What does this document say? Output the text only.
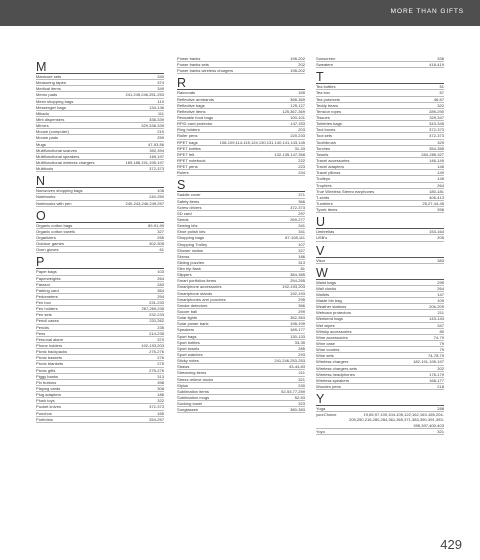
MORE THAN GIFTS
M
Manicure sets	340
Measuring tapes	374
Medical items	349
Memo pads	241,245,246,251-253
Mesh shopping bags	110
Messenger bags	134-136
Mikado	111
Mint dispensers	338-339
Mirrors	329,338-339
Mouse (computer)	219
Mouse pads	259
Mugs	47-53,56
Multifunctional scarves	392,394
Multifunctional speakers	169,197
Multifunctional wireless chargers	169,188,191,195-197
Multitools	372-373
N
Nonwoven shopping bags	106
Notebooks	240-250
Notebooks with pen	240-243,246,249,257
O
Organic cotton bags	89-91,99
Organic cotton towels	327
Organizers	265
Outdoor games	302-305
Oven gloves	61
P
Paper bags	103
Paperweights	264
Parasol	283
Parking card	364
Pedometers	294
Pen box	231-233
Pen holders	267,269,235
Pen sets	232-233
Pencil cases	231,262
Pencils	235
Pens	214-235
Personal alarm	370
Phone holders	192-193,203
Picnic backpacks	275-276
Picnic baskets	276
Picnic blankets	275
Picnic gifts	275-276
Piggy banks	313
Pin buttons	398
Playing cards	308
Plug adapters	186
Plush toys	322
Pocket knives	372-373
Ponchos	165
Portfolios	254-257
Power banks	198-202
Power banks sets	202
Power banks wireless chargers	198-202
R
Raincoats	165
Reflective armbands	368-369
Reflective bags	125,127
Reflective items	125,367-369
Reusable food bags	100-101
RFID card protector	147,153
Ring holders	203
Roller pens	220,233
RPET bags	108-109,114-115,124,130,131,140,141,143,145
RPET bottles	31-33
RPET felt	132-135,147,358
RPET notebook	222
RPET pens	223
Rulers	234
S
Saddle cover	371
Safety items	366
Screw drivers	372-373
SD card	297
Seeds	269-277
Sewing kits	341
Shoe polish kits	341
Shopping bags	87-108,111
Shopping Trolley	107
Shower radios	327
Skross	186
Sliding puzzles	313
Slim hip flask	81
Slippers	384-385
Smart portfolios items	254-255
Smartphone accessories	192-193,203
Smartphone stands	192-193
Smartphones arm pouches	295
Smoke detectors	366
Soccer ball	299
Solar lights	352-353
Solar power bank	198-199
Speakers	169-177
Sport bags	130-133
Sport bottles	33-35
Sport towels	285
Sport watches	293
Sticky notes	241,246,253-253
Straws	43-44,83
Streaming items	211
Stress relieve ducks	321
Stylus	230
Sublimation items	52-53,77,259
Sublimation mugs	52-53
Sucking towel	323
Sunglasses	380-383
Sunscreen	336
Sweaters	418-419
T
Tea bottles	51
Tea box	57
Tea pots/sets	46,57
Teddy bears	322
Tension ropes	289-290
Tissues	329,347
Toiletries bags	343-345
Tool boxes	372-373
Tool sets	372-373
Toothbrush	329
Torches	354-355
Towels	284-285,327
Travel accessories	146-149
Travel adapters	146
Travel pillows	149
Trolleys	145
Trophies	264
True Wireless Stereo earphones	180-181
T-shirts	406-413
Tumblers	25,27,44-45
Tyvek items	396
U
Umbrellas	153-164
USB's	205
V
Visor	383
W
Waist bags	295
Wall clocks	264
Wallets	147
Waste bin bag	109
Weather stations	206-209
Webcam protectors	211
Weekend bags	143-144
Wet wipes	347
Whisky accessories	80
Wine accessories	74-79
Wine case	79
Wine coolers	79
Wine sets	74-78,79
Wireless chargers	182-191,195-197
Wireless chargers sets	202
Wireless headphones	178-179
Wireless speakers	168-177
Wooden pens	218
Y
Yoga	288
yourChoice	19,65,97,100,104-105,122,162,163-165,204-205,250,215,280,284,361,369,371,383,390-391,393-395,397,400-403
Yoyo	321
429
